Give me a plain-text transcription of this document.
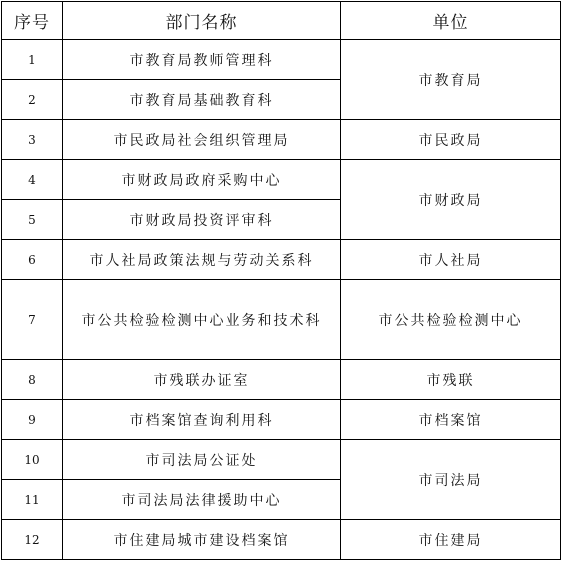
序号	部门名称	单位
1	市教育局教师管理科	市教育局
2	市教育局基础教育科	
3	市民政局社会组织管理局	市民政局
4	市财政局政府采购中心	市财政局
5	市财政局投资评审科	
6	市人社局政策法规与劳动关系科	市人社局
7	市公共检验检测中心业务和技术科	市公共检验检测中心
8	市残联办证室	市残联
9	市档案馆查询利用科	市档案馆
10	市司法局公证处	市司法局
11	市司法局法律援助中心	
12	市住建局城市建设档案馆	市住建局
